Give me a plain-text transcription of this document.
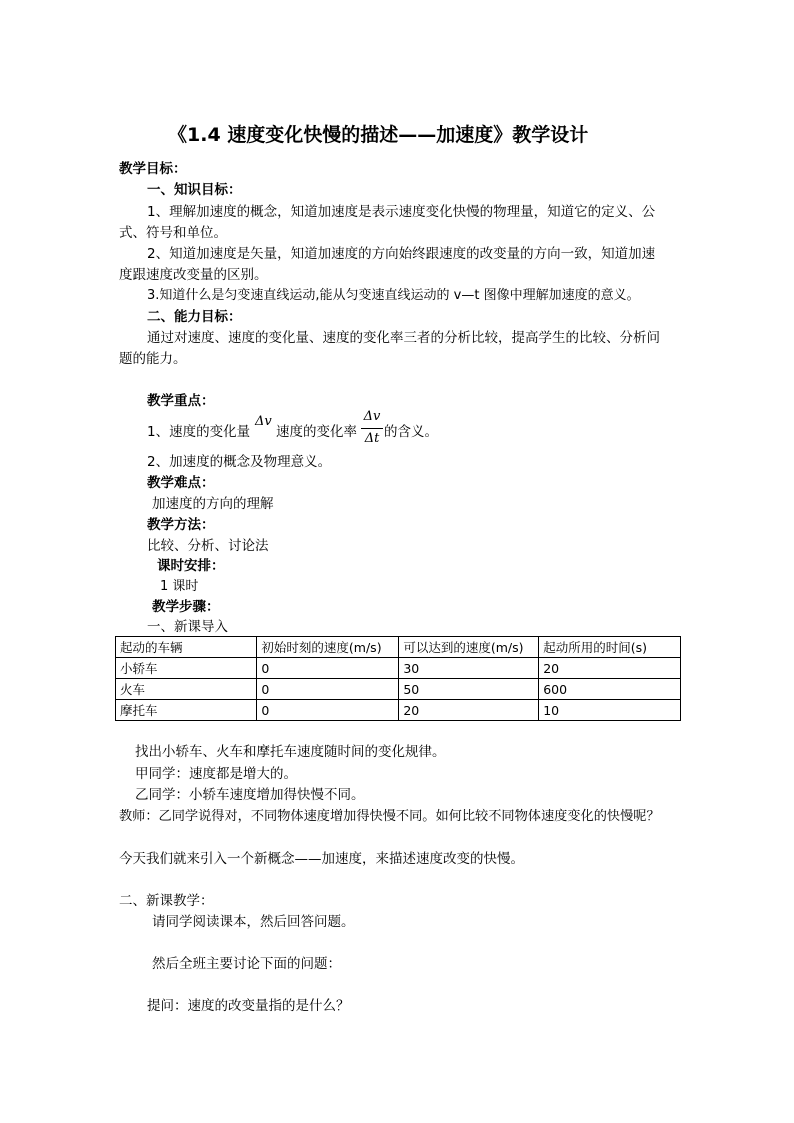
《1.4 速度变化快慢的描述——加速度》教学设计
教学目标：
一、知识目标：
1、理解加速度的概念，知道加速度是表示速度变化快慢的物理量，知道它的定义、公
式、符号和单位。
2、知道加速度是矢量，知道加速度的方向始终跟速度的改变量的方向一致，知道加速
度跟速度改变量的区别。
3.知道什么是匀变速直线运动,能从匀变速直线运动的 v—t 图像中理解加速度的意义。
二、能力目标：
通过对速度、速度的变化量、速度的变化率三者的分析比较，提高学生的比较、分析问
题的能力。
教学重点：
1、速度的变化量
Δv
速度的变化率
Δv
Δt 的含义。
2、加速度的概念及物理意义。
教学难点：
加速度的方向的理解
教学方法：
比较、分析、讨论法
课时安排：
1 课时
教学步骤：
一、新课导入
起动的车辆	初始时刻的速度(m/s)	可以达到的速度(m/s)	起动所用的时间(s)
小轿车	0	30	20
火车	0	50	600
摩托车	0	20	10
找出小轿车、火车和摩托车速度随时间的变化规律。
甲同学：速度都是增大的。
乙同学：小轿车速度增加得快慢不同。
教师：乙同学说得对，不同物体速度增加得快慢不同。如何比较不同物体速度变化的快慢呢？
今天我们就来引入一个新概念——加速度，来描述速度改变的快慢。
二、新课教学：
请同学阅读课本，然后回答问题。
然后全班主要讨论下面的问题：
提问：速度的改变量指的是什么？
